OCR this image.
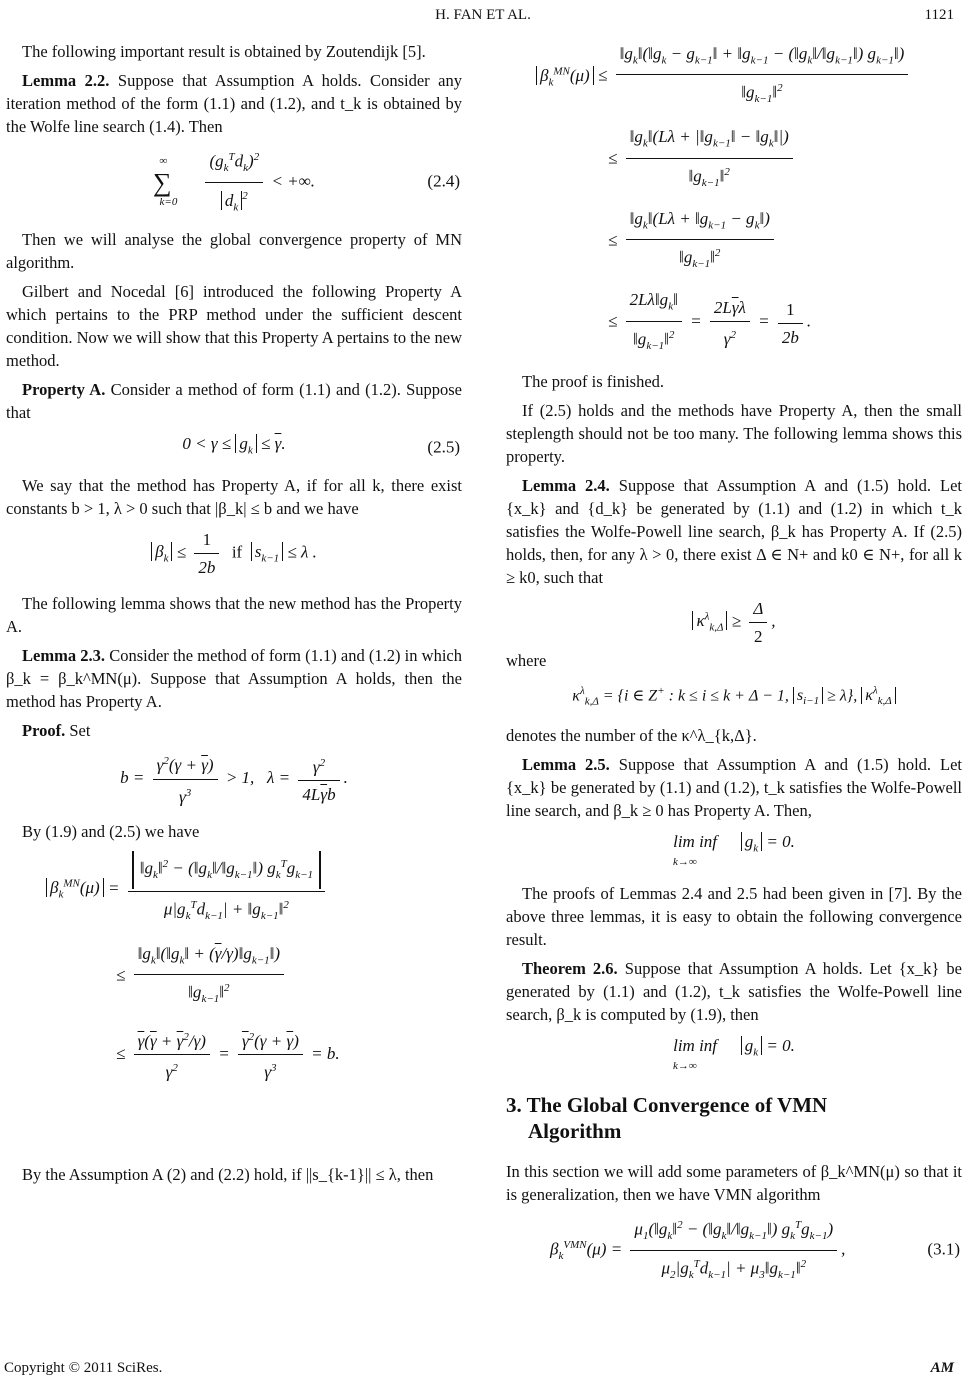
H. FAN ET AL.	1121

The following important result is obtained by Zoutendijk [5].

Lemma 2.2. Suppose that Assumption A holds. Consider any iteration method of the form (1.1) and (1.2), and t_k is obtained by the Wolfe line search (1.4). Then

$\sum_{k=0}^\infty \frac{(g_k^Td_k)^2}{d_k^2}$ < +∞.	(2.4)

Then we will analyse the global convergence property of MN algorithm.

Gilbert and Nocedal [6] introduced the following Property A which pertains to the PRP method under the sufficient descent condition. Now we will show that this Property A pertains to the new method.

Property A. Consider a method of form (1.1) and (1.2). Suppose that

$0 < \gamma \le g_k \le \overline{\gamma}$.	(2.5)

We say that the method has Property A, if for all k, there exist constants b > 1, λ > 0 such that |β_k| ≤ b and we have

$\beta_k \le \frac{1}{2b}$ if  $s_{k-1} \le \lambda$ .

The following lemma shows that the new method has the Property A.

Lemma 2.3. Consider the method of form (1.1) and (1.2) in which β_k = β_k^MN(μ). Suppose that Assumption A holds, then the method has Property A.

Proof. Set

$b = \frac{\gamma^2(\gamma + \overline{\gamma})}{\gamma^3} > 1$,   $\lambda = \frac{\gamma^2}{4L\overline{\gamma}b}$ .

By (1.9) and (2.5) we have

$\beta_k^{MN}(\mu) = \frac{‖g_k‖^2 - (‖g_k‖/‖g_{k-1}‖) g_k^Tg_{k-1}}{\mu|g_k^Td_{k-1}| + ‖g_{k-1}‖^2}$
≤ $\frac{‖g_k‖(‖g_k‖ + (\overline{\gamma}/\gamma)‖g_{k-1}‖)}{‖g_{k-1}‖^2}$
≤ $\frac{\overline{\gamma}(\overline{\gamma} + \overline{\gamma}^2/\gamma)}{\gamma^2} = \frac{\overline{\gamma}^2(\gamma + \overline{\gamma})}{\gamma^3} = b$.

By the Assumption A (2) and (2.2) hold, if ||s_{k-1}|| ≤ λ, then

$\beta_k^{MN}(\mu) \le \frac{‖g_k‖(‖g_k - g_{k-1}‖ + ‖g_{k-1} - (‖g_k‖/‖g_{k-1}‖) g_{k-1}‖)}{‖g_{k-1}‖^2}$
≤ $\frac{‖g_k‖(L\lambda + |‖g_{k-1}‖ - ‖g_k‖|)}{‖g_{k-1}‖^2}$
≤ $\frac{‖g_k‖(L\lambda + ‖g_{k-1} - g_k‖)}{‖g_{k-1}‖^2}$
≤ $\frac{2L\lambda‖g_k‖}{‖g_{k-1}‖^2} = \frac{2L\overline{\gamma}\lambda}{\gamma^2} = \frac{1}{2b}$ .

The proof is finished.

If (2.5) holds and the methods have Property A, then the small steplength should not be too many. The following lemma shows this property.

Lemma 2.4. Suppose that Assumption A and (1.5) hold. Let {x_k} and {d_k} be generated by (1.1) and (1.2) in which t_k satisfies the Wolfe-Powell line search, β_k has Property A. If (2.5) holds, then, for any λ > 0, there exist Δ ∈ N+ and k0 ∈ N+, for all k ≥ k0, such that

$\kappa^\lambda_{k,\Delta} \ge \frac{\Delta}{2}$ ,

where

$\kappa^\lambda_{k,\Delta} = \{i$ ∈ Z+ : k ≤ i ≤ k + Δ − 1, $s_{i-1} \ge \lambda$}, $\kappa^\lambda_{k,\Delta}$

denotes the number of the κ^λ_{k,Δ}.

Lemma 2.5. Suppose that Assumption A and (1.5) hold. Let {x_k} be generated by (1.1) and (1.2), t_k satisfies the Wolfe-Powell line search, and β_k ≥ 0 has Property A. Then,

$\lim inf_{k\to\infty}g_k = 0$.

The proofs of Lemmas 2.4 and 2.5 had been given in [7]. By the above three lemmas, it is easy to obtain the following convergence result.

Theorem 2.6. Suppose that Assumption A holds. Let {x_k} be generated by (1.1) and (1.2), t_k satisfies the Wolfe-Powell line search, β_k is computed by (1.9), then

$\lim inf_{k\to\infty}g_k = 0$.
3. The Global Convergence of VMN
Algorithm

In this section we will add some parameters of β_k^MN(μ) so that it is generalization, then we have VMN algorithm

$\beta_k^{VMN}(\mu) = \frac{\mu_1(‖g_k‖^2 - (‖g_k‖/‖g_{k-1}‖) g_k^Tg_{k-1})}{\mu_2|g_k^Td_{k-1}| + \mu_3‖g_{k-1}‖^2}$ ,	(3.1)
Copyright © 2011 SciRes.	AM
